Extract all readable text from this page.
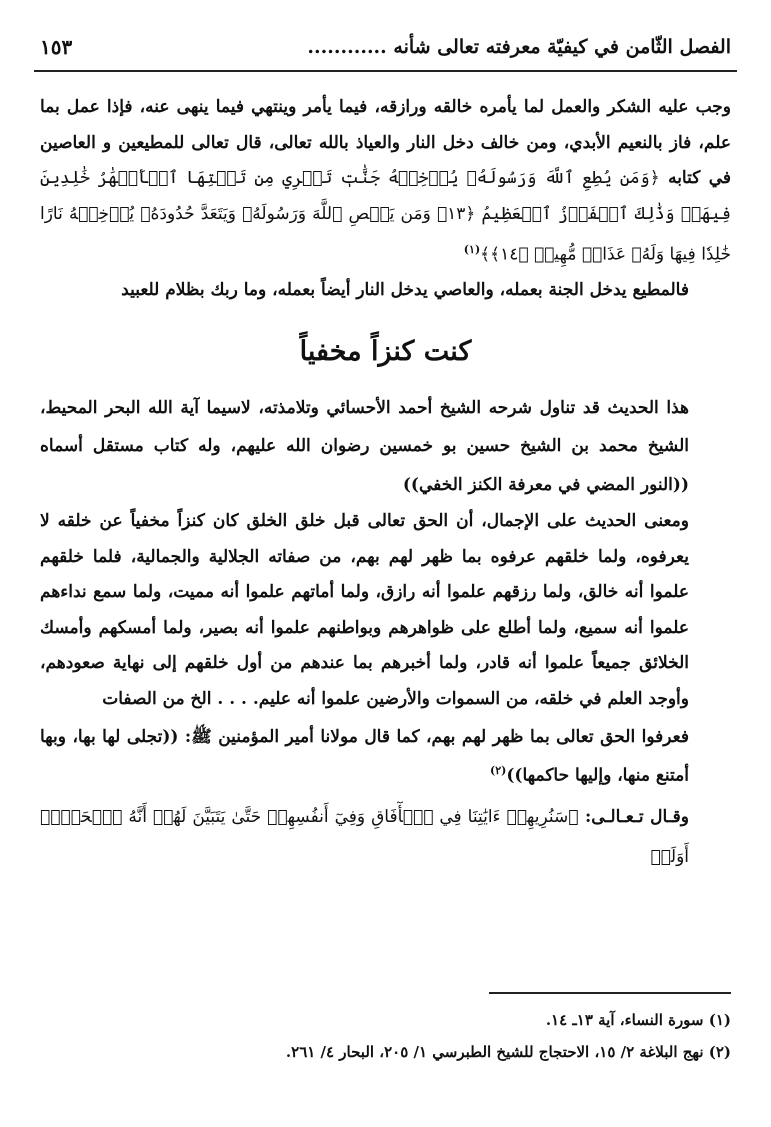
الفصل الثّامن في كيفيّة معرفته تعالى شأنه ............
١٥٣

وجب عليه الشكر والعمل لما يأمره خالقه ورازقه، فيما يأمر وينتهي فيما ينهى عنه، فإذا عمل بما علم، فاز بالنعيم الأبدي، ومن خالف دخل النار والعياذ بالله تعالى، قال تعالى للمطيعين و العاصين في كتابه ﴿وَمَن يُطِعِ ٱللَّهَ وَرَسُولَهُۥ يُدۡخِلۡهُ جَنَّٰتٖ تَجۡرِي مِن تَحۡتِهَا ٱلۡأَنۡهَٰرُ خَٰلِدِينَ فِيهَاۚ وَذَٰلِكَ ٱلۡفَوۡزُ ٱلۡعَظِيمُ ﴿١٣﴾ وَمَن يَعۡصِ ٱللَّهَ وَرَسُولَهُۥ وَيَتَعَدَّ حُدُودَهُۥ يُدۡخِلۡهُ نَارًا خَٰلِدٗا فِيهَا وَلَهُۥ عَذَابٞ مُّهِينٞ ﴿١٤﴾﴾$^{(١)}$

فالمطيع يدخل الجنة بعمله، والعاصي يدخل النار أيضاً بعمله، وما ربك بظلام للعبيد

كنت كنزاً مخفياً

هذا الحديث قد تناول شرحه الشيخ أحمد الأحسائي وتلامذته، لاسيما آية الله البحر المحيط، الشيخ محمد بن الشيخ حسين بو خمسين رضوان الله عليهم، وله كتاب مستقل أسماه ((النور المضي في معرفة الكنز الخفي))

ومعنى الحديث على الإجمال، أن الحق تعالى قبل خلق الخلق كان كنزاً مخفياً عن خلقه لا يعرفوه، ولما خلقهم عرفوه بما ظهر لهم بهم، من صفاته الجلالية والجمالية، فلما خلقهم علموا أنه خالق، ولما رزقهم علموا أنه رازق، ولما أماتهم علموا أنه مميت، ولما سمع نداءهم علموا أنه سميع، ولما أطلع على ظواهرهم وبواطنهم علموا أنه بصير، ولما أمسكهم وأمسك الخلائق جميعاً علموا أنه قادر، ولما أخبرهم بما عندهم من أول خلقهم إلى نهاية صعودهم، وأوجد العلم في خلقه، من السموات والأرضين علموا أنه عليم. . . . الخ من الصفات

فعرفوا الحق تعالى بما ظهر لهم بهم، كما قال مولانا أمير المؤمنين ﷺ: ((تجلى لها بها، وبها أمتنع منها، وإليها حاكمها))$^{(٢)}$

وقـال تـعـالـى: ﴿سَنُرِيهِمۡ ءَايَٰتِنَا فِي ٱلۡأٓفَاقِ وَفِيٓ أَنفُسِهِمۡ حَتَّىٰ يَتَبَيَّنَ لَهُمۡ أَنَّهُ ٱلۡحَقُّۗ أَوَلَمۡ

(١) سورة النساء، آية ١٣ـ ١٤.
(٢) نهج البلاغة ٢/ ١٥، الاحتجاج للشيخ الطبرسي ١/ ٢٠٥، البحار ٤/ ٢٦١.
